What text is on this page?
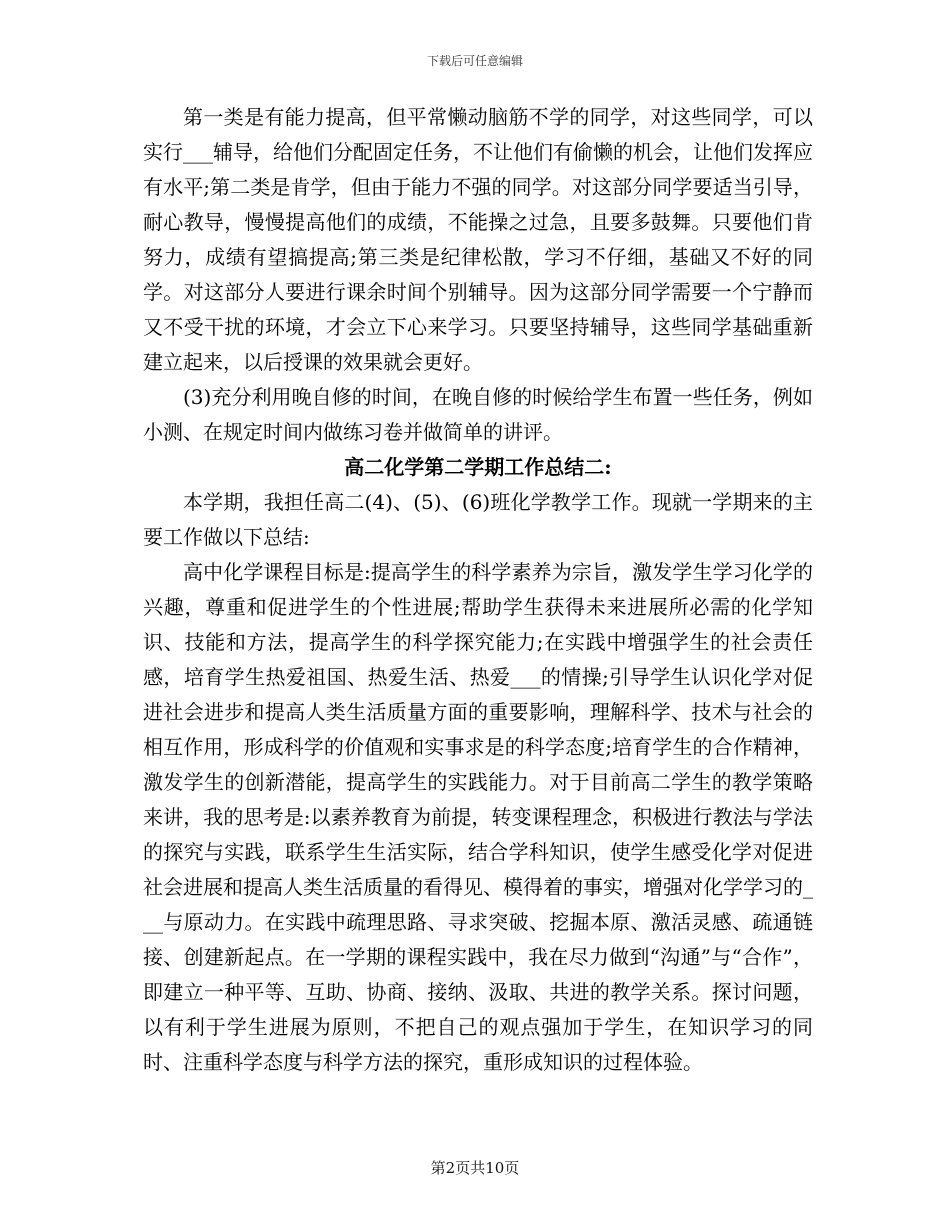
下载后可任意编辑

第一类是有能力提高，但平常懒动脑筋不学的同学，对这些同学，可以实行___辅导，给他们分配固定任务，不让他们有偷懒的机会，让他们发挥应有水平;第二类是肯学，但由于能力不强的同学。对这部分同学要适当引导，耐心教导，慢慢提高他们的成绩，不能操之过急，且要多鼓舞。只要他们肯努力，成绩有望搞提高;第三类是纪律松散，学习不仔细，基础又不好的同学。对这部分人要进行课余时间个别辅导。因为这部分同学需要一个宁静而又不受干扰的环境，才会立下心来学习。只要坚持辅导，这些同学基础重新建立起来，以后授课的效果就会更好。

(3)充分利用晚自修的时间，在晚自修的时候给学生布置一些任务，例如小测、在规定时间内做练习卷并做简单的讲评。

高二化学第二学期工作总结二:

本学期，我担任高二(4)、(5)、(6)班化学教学工作。现就一学期来的主要工作做以下总结:

高中化学课程目标是:提高学生的科学素养为宗旨，激发学生学习化学的兴趣，尊重和促进学生的个性进展;帮助学生获得未来进展所必需的化学知识、技能和方法，提高学生的科学探究能力;在实践中增强学生的社会责任感，培育学生热爱祖国、热爱生活、热爱___的情操;引导学生认识化学对促进社会进步和提高人类生活质量方面的重要影响，理解科学、技术与社会的相互作用，形成科学的价值观和实事求是的科学态度;培育学生的合作精神，激发学生的创新潜能，提高学生的实践能力。对于目前高二学生的教学策略来讲，我的思考是:以素养教育为前提，转变课程理念，积极进行教法与学法的探究与实践，联系学生生活实际，结合学科知识，使学生感受化学对促进社会进展和提高人类生活质量的看得见、模得着的事实，增强对化学学习的___与原动力。在实践中疏理思路、寻求突破、挖掘本原、激活灵感、疏通链接、创建新起点。在一学期的课程实践中，我在尽力做到“沟通”与“合作”，即建立一种平等、互助、协商、接纳、汲取、共进的教学关系。探讨问题，以有利于学生进展为原则，不把自己的观点强加于学生，在知识学习的同时、注重科学态度与科学方法的探究，重形成知识的过程体验。

第2页共10页
